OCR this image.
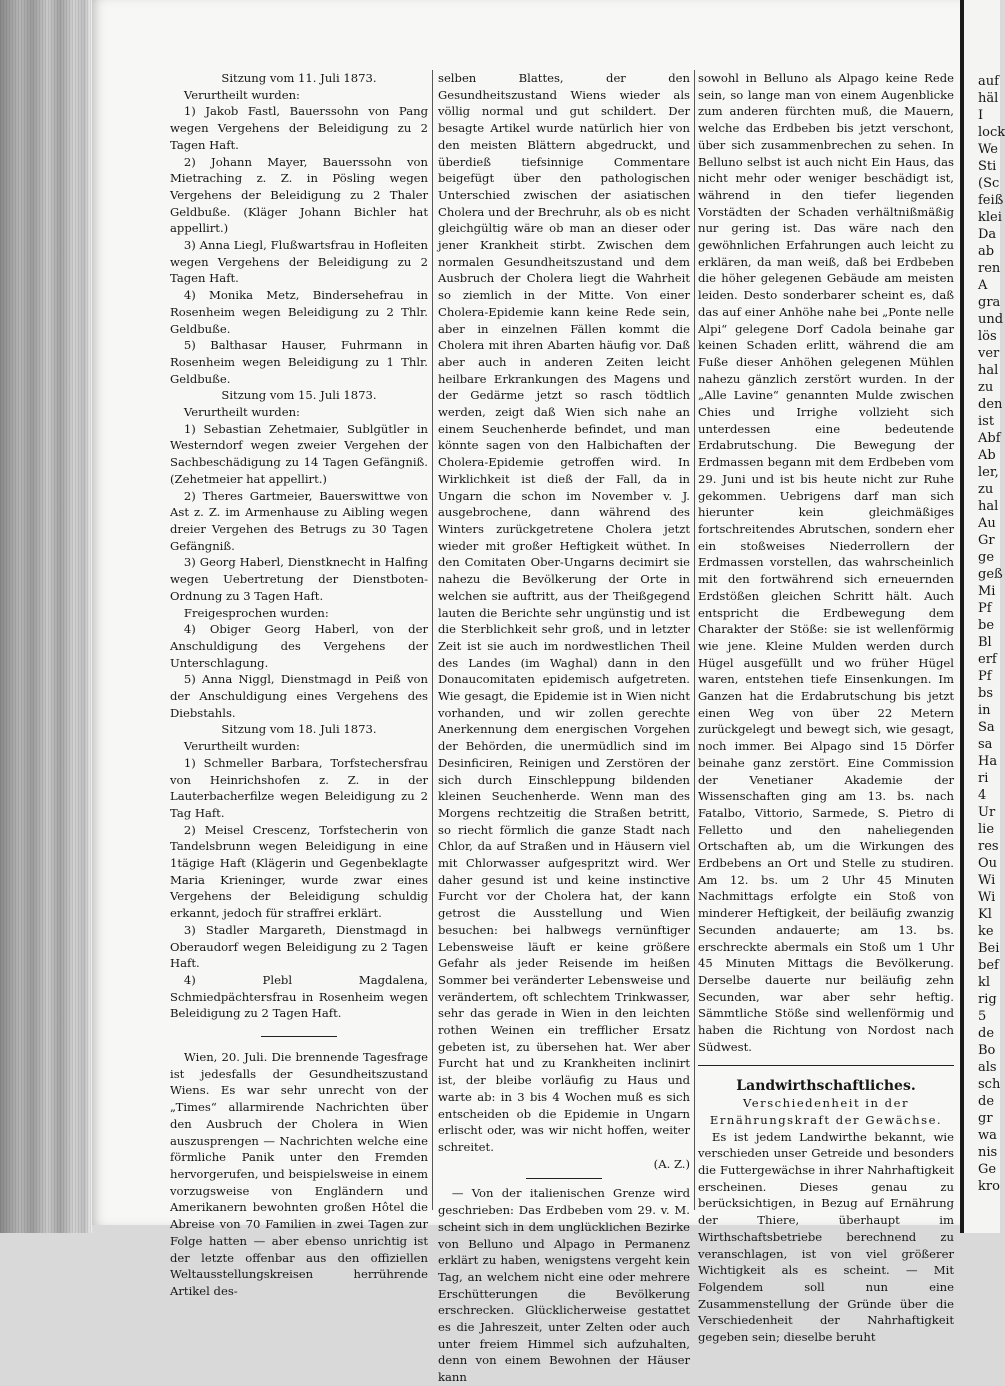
Sitzung vom 11. Juli 1873.

Verurtheilt wurden:

1) Jakob Fastl, Bauerssohn von Pang wegen Vergehens der Beleidigung zu 2 Tagen Haft.

2) Johann Mayer, Bauerssohn von Mietraching z. Z. in Pösling wegen Vergehens der Beleidigung zu 2 Thaler Geldbuße. (Kläger Johann Bichler hat appellirt.)

3) Anna Liegl, Flußwartsfrau in Hofleiten wegen Vergehens der Beleidigung zu 2 Tagen Haft.

4) Monika Metz, Bindersehefrau in Rosenheim wegen Beleidigung zu 2 Thlr. Geldbuße.

5) Balthasar Hauser, Fuhrmann in Rosenheim wegen Beleidigung zu 1 Thlr. Geldbuße.

Sitzung vom 15. Juli 1873.

Verurtheilt wurden:

1) Sebastian Zehetmaier, Sublgütler in Westerndorf wegen zweier Vergehen der Sachbeschädigung zu 14 Tagen Gefängniß. (Zehetmeier hat appellirt.)

2) Theres Gartmeier, Bauerswittwe von Ast z. Z. im Armenhause zu Aibling wegen dreier Vergehen des Betrugs zu 30 Tagen Gefängniß.

3) Georg Haberl, Dienstknecht in Halfing wegen Uebertretung der Dienstboten-Ordnung zu 3 Tagen Haft.

Freigesprochen wurden:

4) Obiger Georg Haberl, von der Anschuldigung des Vergehens der Unterschlagung.

5) Anna Niggl, Dienstmagd in Peiß von der Anschuldigung eines Vergehens des Diebstahls.

Sitzung vom 18. Juli 1873.

Verurtheilt wurden:

1) Schmeller Barbara, Torfstechersfrau von Heinrichshofen z. Z. in der Lauterbacherfilze wegen Beleidigung zu 2 Tag Haft.

2) Meisel Crescenz, Torfstecherin von Tandelsbrunn wegen Beleidigung in eine 1tägige Haft (Klägerin und Gegenbeklagte Maria Krieninger, wurde zwar eines Vergehens der Beleidigung schuldig erkannt, jedoch für straffrei erklärt.

3) Stadler Margareth, Dienstmagd in Oberaudorf wegen Beleidigung zu 2 Tagen Haft.

4) Plebl Magdalena, Schmiedpächtersfrau in Rosenheim wegen Beleidigung zu 2 Tagen Haft.

Wien, 20. Juli. Die brennende Tagesfrage ist jedesfalls der Gesundheitszustand Wiens. Es war sehr unrecht von der „Times“ allarmirende Nachrichten über den Ausbruch der Cholera in Wien auszusprengen — Nachrichten welche eine förmliche Panik unter den Fremden hervorgerufen, und beispielsweise in einem vorzugsweise von Engländern und Amerikanern bewohnten großen Hôtel die Abreise von 70 Familien in zwei Tagen zur Folge hatten — aber ebenso unrichtig ist der letzte offenbar aus den offiziellen Weltausstellungskreisen herrührende Artikel des-

selben Blattes, der den Gesundheitszustand Wiens wieder als völlig normal und gut schildert. Der besagte Artikel wurde natürlich hier von den meisten Blättern abgedruckt, und überdieß tiefsinnige Commentare beigefügt über den pathologischen Unterschied zwischen der asiatischen Cholera und der Brechruhr, als ob es nicht gleichgültig wäre ob man an dieser oder jener Krankheit stirbt. Zwischen dem normalen Gesundheitszustand und dem Ausbruch der Cholera liegt die Wahrheit so ziemlich in der Mitte. Von einer Cholera-Epidemie kann keine Rede sein, aber in einzelnen Fällen kommt die Cholera mit ihren Abarten häufig vor. Daß aber auch in anderen Zeiten leicht heilbare Erkrankungen des Magens und der Gedärme jetzt so rasch tödtlich werden, zeigt daß Wien sich nahe an einem Seuchenherde befindet, und man könnte sagen von den Halbichaften der Cholera-Epidemie getroffen wird. In Wirklichkeit ist dieß der Fall, da in Ungarn die schon im November v. J. ausgebrochene, dann während des Winters zurückgetretene Cholera jetzt wieder mit großer Heftigkeit wüthet. In den Comitaten Ober-Ungarns decimirt sie nahezu die Bevölkerung der Orte in welchen sie auftritt, aus der Theißgegend lauten die Berichte sehr ungünstig und ist die Sterblichkeit sehr groß, und in letzter Zeit ist sie auch im nordwestlichen Theil des Landes (im Waghal) dann in den Donaucomitaten epidemisch aufgetreten. Wie gesagt, die Epidemie ist in Wien nicht vorhanden, und wir zollen gerechte Anerkennung dem energischen Vorgehen der Behörden, die unermüdlich sind im Desinficiren, Reinigen und Zerstören der sich durch Einschleppung bildenden kleinen Seuchenherde. Wenn man des Morgens rechtzeitig die Straßen betritt, so riecht förmlich die ganze Stadt nach Chlor, da auf Straßen und in Häusern viel mit Chlorwasser aufgespritzt wird. Wer daher gesund ist und keine instinctive Furcht vor der Cholera hat, der kann getrost die Ausstellung und Wien besuchen: bei halbwegs vernünftiger Lebensweise läuft er keine größere Gefahr als jeder Reisende im heißen Sommer bei veränderter Lebensweise und verändertem, oft schlechtem Trinkwasser, sehr das gerade in Wien in den leichten rothen Weinen ein trefflicher Ersatz gebeten ist, zu übersehen hat. Wer aber Furcht hat und zu Krankheiten inclinirt ist, der bleibe vorläufig zu Haus und warte ab: in 3 bis 4 Wochen muß es sich entscheiden ob die Epidemie in Ungarn erlischt oder, was wir nicht hoffen, weiter schreitet.

(A. Z.)

— Von der italienischen Grenze wird geschrieben: Das Erdbeben vom 29. v. M. scheint sich in dem unglücklichen Bezirke von Belluno und Alpago in Permanenz erklärt zu haben, wenigstens vergeht kein Tag, an welchem nicht eine oder mehrere Erschütterungen die Bevölkerung erschrecken. Glücklicherweise gestattet es die Jahreszeit, unter Zelten oder auch unter freiem Himmel sich aufzuhalten, denn von einem Bewohnen der Häuser kann

sowohl in Belluno als Alpago keine Rede sein, so lange man von einem Augenblicke zum anderen fürchten muß, die Mauern, welche das Erdbeben bis jetzt verschont, über sich zusammenbrechen zu sehen. In Belluno selbst ist auch nicht Ein Haus, das nicht mehr oder weniger beschädigt ist, während in den tiefer liegenden Vorstädten der Schaden verhältnißmäßig nur gering ist. Das wäre nach den gewöhnlichen Erfahrungen auch leicht zu erklären, da man weiß, daß bei Erdbeben die höher gelegenen Gebäude am meisten leiden. Desto sonderbarer scheint es, daß das auf einer Anhöhe nahe bei „Ponte nelle Alpi“ gelegene Dorf Cadola beinahe gar keinen Schaden erlitt, während die am Fuße dieser Anhöhen gelegenen Mühlen nahezu gänzlich zerstört wurden. In der „Alle Lavine“ genannten Mulde zwischen Chies und Irrighe vollzieht sich unterdessen eine bedeutende Erdabrutschung. Die Bewegung der Erdmassen begann mit dem Erdbeben vom 29. Juni und ist bis heute nicht zur Ruhe gekommen. Uebrigens darf man sich hierunter kein gleichmäßiges fortschreitendes Abrutschen, sondern eher ein stoßweises Niederrollern der Erdmassen vorstellen, das wahrscheinlich mit den fortwährend sich erneuernden Erdstößen gleichen Schritt hält. Auch entspricht die Erdbewegung dem Charakter der Stöße: sie ist wellenförmig wie jene. Kleine Mulden werden durch Hügel ausgefüllt und wo früher Hügel waren, entstehen tiefe Einsenkungen. Im Ganzen hat die Erdabrutschung bis jetzt einen Weg von über 22 Metern zurückgelegt und bewegt sich, wie gesagt, noch immer. Bei Alpago sind 15 Dörfer beinahe ganz zerstört. Eine Commission der Venetianer Akademie der Wissenschaften ging am 13. bs. nach Fatalbo, Vittorio, Sarmede, S. Pietro di Felletto und den naheliegenden Ortschaften ab, um die Wirkungen des Erdbebens an Ort und Stelle zu studiren. Am 12. bs. um 2 Uhr 45 Minuten Nachmittags erfolgte ein Stoß von minderer Heftigkeit, der beiläufig zwanzig Secunden andauerte; am 13. bs. erschreckte abermals ein Stoß um 1 Uhr 45 Minuten Mittags die Bevölkerung. Derselbe dauerte nur beiläufig zehn Secunden, war aber sehr heftig. Sämmtliche Stöße sind wellenförmig und haben die Richtung von Nordost nach Südwest.

Landwirthschaftliches.

Verschiedenheit in der

Ernährungskraft der Gewächse.

Es ist jedem Landwirthe bekannt, wie verschieden unser Getreide und besonders die Futtergewächse in ihrer Nahrhaftigkeit erscheinen. Dieses genau zu berücksichtigen, in Bezug auf Ernährung der Thiere, überhaupt im Wirthschaftsbetriebe berechnend zu veranschlagen, ist von viel größerer Wichtigkeit als es scheint. — Mit Folgendem soll nun eine Zusammenstellung der Gründe über die Verschiedenheit der Nahrhaftigkeit gegeben sein; dieselbe beruht

auf
häl
I
lock
We
Sti
(Sc
feiß
klei
Da
ab
ren
A
gra
und
lös
ver
hal
zu
den
ist
Abf
Ab
ler,
zu
hal
Au
Gr
ge
geß
Mi
Pf
be
Bl
erf
Pf
bs
in
Sa
sa
Ha
ri
4
Ur
lie
res
Ou
Wi
Wi
Kl
ke
Bei
bef
kl
rig
5
de
Bo
als
sch
de
gr
wa
nis
Ge
kro
